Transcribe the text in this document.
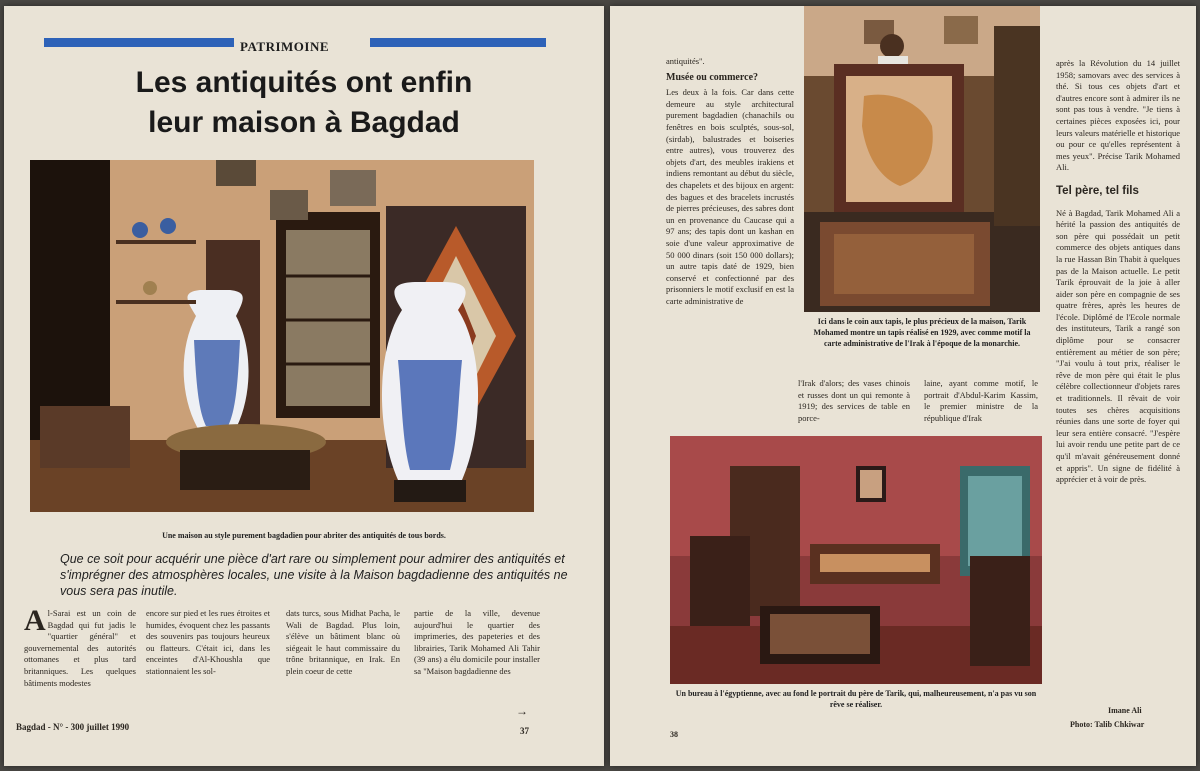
PATRIMOINE
Les antiquités ont enfin
leur maison à Bagdad
Une maison au style purement bagdadien pour abriter des antiquités de tous bords.
Que ce soit pour acquérir une pièce d'art rare ou simplement pour admirer des antiquités et s'imprégner des atmosphères locales, une visite à la Maison bagdadienne des antiquités ne vous sera pas inutile.
Al-Sarai est un coin de Bagdad qui fut jadis le "quartier général" et gouvernemental des autorités ottomanes et plus tard britanniques. Les quelques bâtiments modestes
encore sur pied et les rues étroites et humides, évoquent chez les passants des souvenirs pas toujours heureux ou flatteurs. C'était ici, dans les enceintes d'Al-Khoushla que stationnaient les sol-
dats turcs, sous Midhat Pacha, le Wali de Bagdad. Plus loin, s'élève un bâtiment blanc où siégeait le haut commissaire du trône britannique, en Irak. En plein coeur de cette
partie de la ville, devenue aujourd'hui le quartier des imprimeries, des papeteries et des librairies, Tarik Mohamed Ali Tahir (39 ans) a élu domicile pour installer sa "Maison bagdadienne des
→
Bagdad - N° - 300 juillet 1990	37
antiquités".
Musée ou commerce?
Les deux à la fois. Car dans cette demeure au style architectural purement bagdadien (chanachils ou fenêtres en bois sculptés, sous-sol, (sirdab), balustrades et boiseries entre autres), vous trouverez des objets d'art, des meubles irakiens et indiens remontant au début du siècle, des chapelets et des bijoux en argent: des bagues et des bracelets incrustés de pierres précieuses, des sabres dont un en provenance du Caucase qui a 97 ans; des tapis dont un kashan en soie d'une valeur approximative de 50 000 dinars (soit 150 000 dollars); un autre tapis daté de 1929, bien conservé et confectionné par des prisonniers le motif exclusif en est la carte administrative de
Ici dans le coin aux tapis, le plus précieux de la maison, Tarik Mohamed montre un tapis réalisé en 1929, avec comme motif la carte administrative de l'Irak à l'époque de la monarchie.
l'Irak d'alors; des vases chinois et russes dont un qui remonte à 1919; des services de table en porce-
laine, ayant comme motif, le portrait d'Abdul-Karim Kassim, le premier ministre de la république d'Irak
après la Révolution du 14 juillet 1958; samovars avec des services à thé. Si tous ces objets d'art et d'autres encore sont à admirer ils ne sont pas tous à vendre. "Je tiens à certaines pièces exposées ici, pour leurs valeurs matérielle et historique ou pour ce qu'elles représentent à mes yeux". Précise Tarik Mohamed Ali.
Tel père, tel fils
Né à Bagdad, Tarik Mohamed Ali a hérité la passion des antiquités de son père qui possédait un petit commerce des objets antiques dans la rue Hassan Bin Thabit à quelques pas de la Maison actuelle. Le petit Tarik éprouvait de la joie à aller aider son père en compagnie de ses quatre frères, après les heures de l'école. Diplômé de l'Ecole normale des instituteurs, Tarik a rangé son diplôme pour se consacrer entièrement au métier de son père; "J'ai voulu à tout prix, réaliser le rêve de mon père qui était le plus célèbre collectionneur d'objets rares et traditionnels. Il rêvait de voir toutes ses chères acquisitions réunies dans une sorte de foyer qui leur sera entière consacré. "J'espère lui avoir rendu une petite part de ce qu'il m'avait généreusement donné et appris". Un signe de fidélité à apprécier et à voir de près.
Imane Ali
Photo: Talib Chkiwar
Un bureau à l'égyptienne, avec au fond le portrait du père de Tarik, qui, malheureusement, n'a pas vu son rêve se réaliser.
38
